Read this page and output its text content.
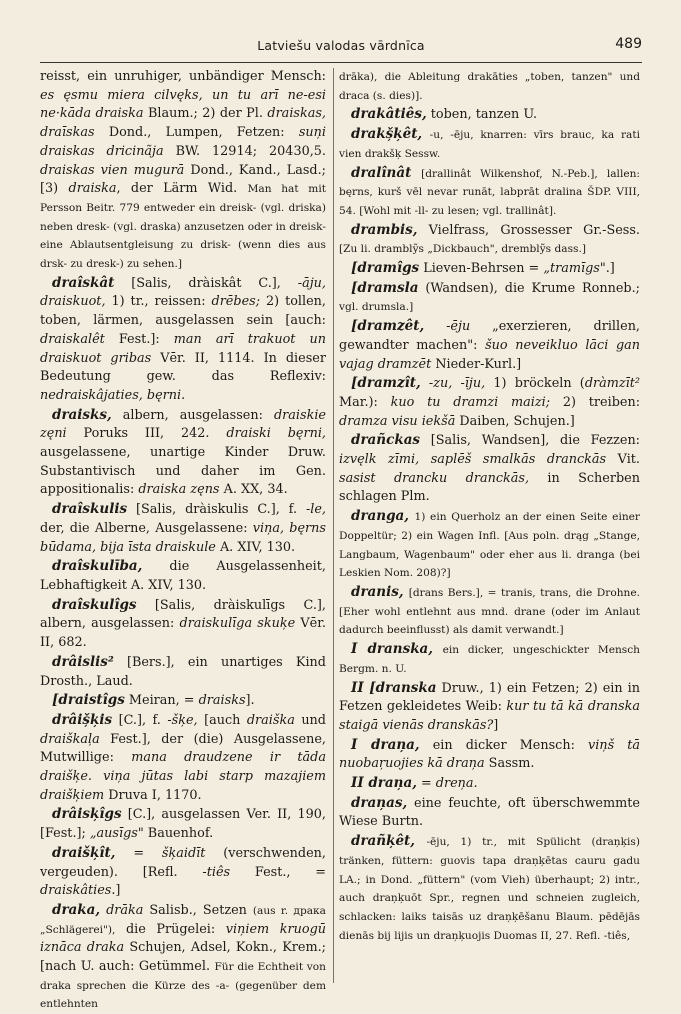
Latviešu valodas vārdnīca	489

reisst, ein unruhiger, unbändiger Mensch: es ęsmu miera cilvęks, un tu arī ne-esi ne·kāda draiska Blaum.; 2) der Pl. draiskas, draīskas Dond., Lumpen, Fetzen: suņi draiskas dricinãja BW. 12914; 20430,5. draiskas vien mugurā Dond., Kand., Lasd.; [3) draiska, der Lärm Wid. Man hat mit Persson Beitr. 779 entweder ein dreisk- (vgl. driska) neben dresk- (vgl. draska) anzusetzen oder in dreisk- eine Ablautsentgleisung zu drisk- (wenn dies aus drsk- zu dresk-) zu sehen.]

draîskât [Salis, dràiskât C.], -āju, draiskuot, 1) tr., reissen: drēbes; 2) tollen, toben, lärmen, ausgelassen sein [auch: draiskalêt Fest.]: man arī trakuot un draiskuot gribas Vēr. II, 1114. In dieser Bedeutung gew. das Reflexiv: nedraiskâjaties, bęrni.

draisks, albern, ausgelassen: draiskie zęni Poruks III, 242. draiski bęrni, ausgelassene, unartige Kinder Druw. Substantivisch und daher im Gen. appositionalis: draiska zęns A. XX, 34.

draîskulis [Salis, dràiskulis C.], f. -le, der, die Alberne, Ausgelassene: viņa, bęrns būdama, bija īsta draiskule A. XIV, 130.

draîskulība, die Ausgelassenheit, Lebhaftigkeit A. XIV, 130.

draîskulîgs [Salis, dràiskulīgs C.], albern, ausgelassen: draiskulīga skuķe Vēr. II, 682.

drâislis² [Bers.], ein unartiges Kind Drosth., Laud.

[draistîgs Meiran, = draisks].

drâiș̌ķis [C.], f. -šķe, [auch draiška und draiškaļa Fest.], der (die) Ausgelassene, Mutwillige: mana draudzene ir tāda draišķe. viņa jūtas labi starp mazajiem draišķiem Druva I, 1170.

drâisķîgs [C.], ausgelassen Ver. II, 190, [Fest.]; „ausīgs" Bauenhof.

draišķît, = šķaidīt (verschwenden, vergeuden). [Refl. -tiês Fest., = draiskâties.]

draka, drāka Salisb., Setzen (aus r. драка „Schlägerei"), die Prügelei: viņiem kruogū iznāca draka Schujen, Adsel, Kokn., Krem.; [nach U. auch: Getümmel. Für die Echtheit von draka sprechen die Kürze des -a- (gegenüber dem entlehnten

drāka), die Ableitung drakāties „toben, tanzen" und draca (s. dies)].

drakâtiês, toben, tanzen U.

drakș̌ķêt, -u, -ēju, knarren: vīrs brauc, ka rati vien drakšķ Sessw.

dralînât [drallinât Wilkenshof, N.-Peb.], lallen: bęrns, kurš vēl nevar runāt, labprāt dralina ŠDP. VIII, 54. [Wohl mit -ll- zu lesen; vgl. trallinât].

drambis, Vielfrass, Grossesser Gr.-Sess. [Zu li. dramblỹs „Dickbauch", dremblỹs dass.]

[dramîgs Lieven-Behrsen = „tramīgs".]

[dramsla (Wandsen), die Krume Ronneb.; vgl. drumsla.]

[dramzêt, -ēju „exerzieren, drillen, gewandter machen": šuo neveikluo lāci gan vajag dramzēt Nieder-Kurl.]

[dramzît, -zu, -īju, 1) bröckeln (dràmzīt² Mar.): kuo tu dramzi maizi; 2) treiben: dramza visu iekšā Daiben, Schujen.]

drañckas [Salis, Wandsen], die Fezzen: izvęlk zīmi, saplēš smalkās dranckās Vit. sasist drancku dranckās, in Scherben schlagen Plm.

dranga, 1) ein Querholz an der einen Seite einer Doppeltür; 2) ein Wagen Infl. [Aus poln. drąg „Stange, Langbaum, Wagenbaum" oder eher aus li. dranga (bei Leskien Nom. 208)?]

dranis, [drans Bers.], = tranis, trans, die Drohne. [Eher wohl entlehnt aus mnd. drane (oder im Anlaut dadurch beeinflusst) als damit verwandt.]

I dranska, ein dicker, ungeschickter Mensch Bergm. n. U.

II [dranska Druw., 1) ein Fetzen; 2) ein in Fetzen gekleidetes Weib: kur tu tā kā dranska staigā vienās dranskās?]

I draņa, ein dicker Mensch: viņš tā nuobaŗuojies kā draņa Sassm.

II draņa, = dreņa.

draņas, eine feuchte, oft überschwemmte Wiese Burtn.

drañķêt, -ēju, 1) tr., mit Spülicht (draņķis) tränken, füttern: guovis tapa draņķētas cauru gadu LA.; in Dond. „füttern" (vom Vieh) überhaupt; 2) intr., auch draņķuōt Spr., regnen und schneien zugleich, schlacken: laiks taisās uz draņķēšanu Blaum. pēdējās dienās bij lijis un draņķuojis Duomas II, 27. Refl. -tiês,
